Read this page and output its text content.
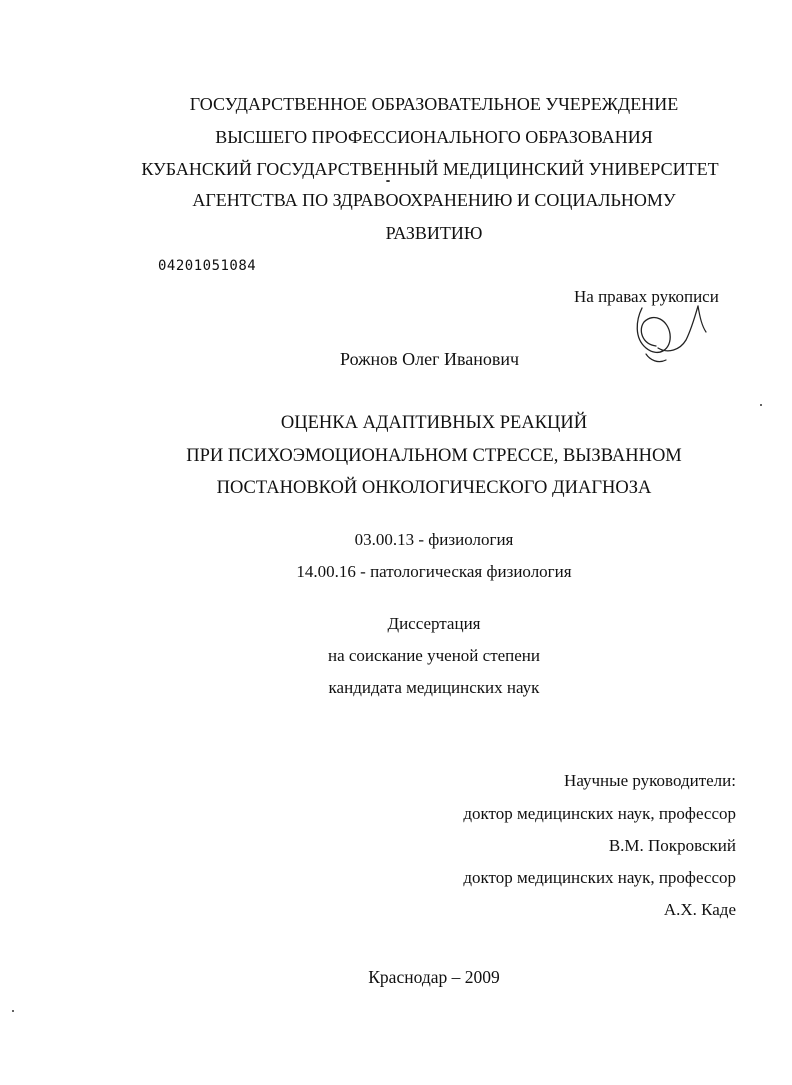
ГОСУДАРСТВЕННОЕ ОБРАЗОВАТЕЛЬНОЕ УЧЕРЕЖДЕНИЕ
ВЫСШЕГО ПРОФЕССИОНАЛЬНОГО ОБРАЗОВАНИЯ
КУБАНСКИЙ ГОСУДАРСТВЕННЫЙ МЕДИЦИНСКИЙ УНИВЕРСИТЕТ
АГЕНТСТВА ПО ЗДРАВООХРАНЕНИЮ И СОЦИАЛЬНОМУ
РАЗВИТИЮ
04201051084
На правах рукописи
Рожнов Олег Иванович
ОЦЕНКА АДАПТИВНЫХ РЕАКЦИЙ
ПРИ ПСИХОЭМОЦИОНАЛЬНОМ СТРЕССЕ, ВЫЗВАННОМ
ПОСТАНОВКОЙ ОНКОЛОГИЧЕСКОГО ДИАГНОЗА
03.00.13 - физиология
14.00.16 - патологическая физиология
Диссертация
на соискание ученой степени
кандидата медицинских наук
Научные руководители:
доктор медицинских наук, профессор
В.М. Покровский
доктор медицинских наук, профессор
А.Х. Каде
Краснодар – 2009
